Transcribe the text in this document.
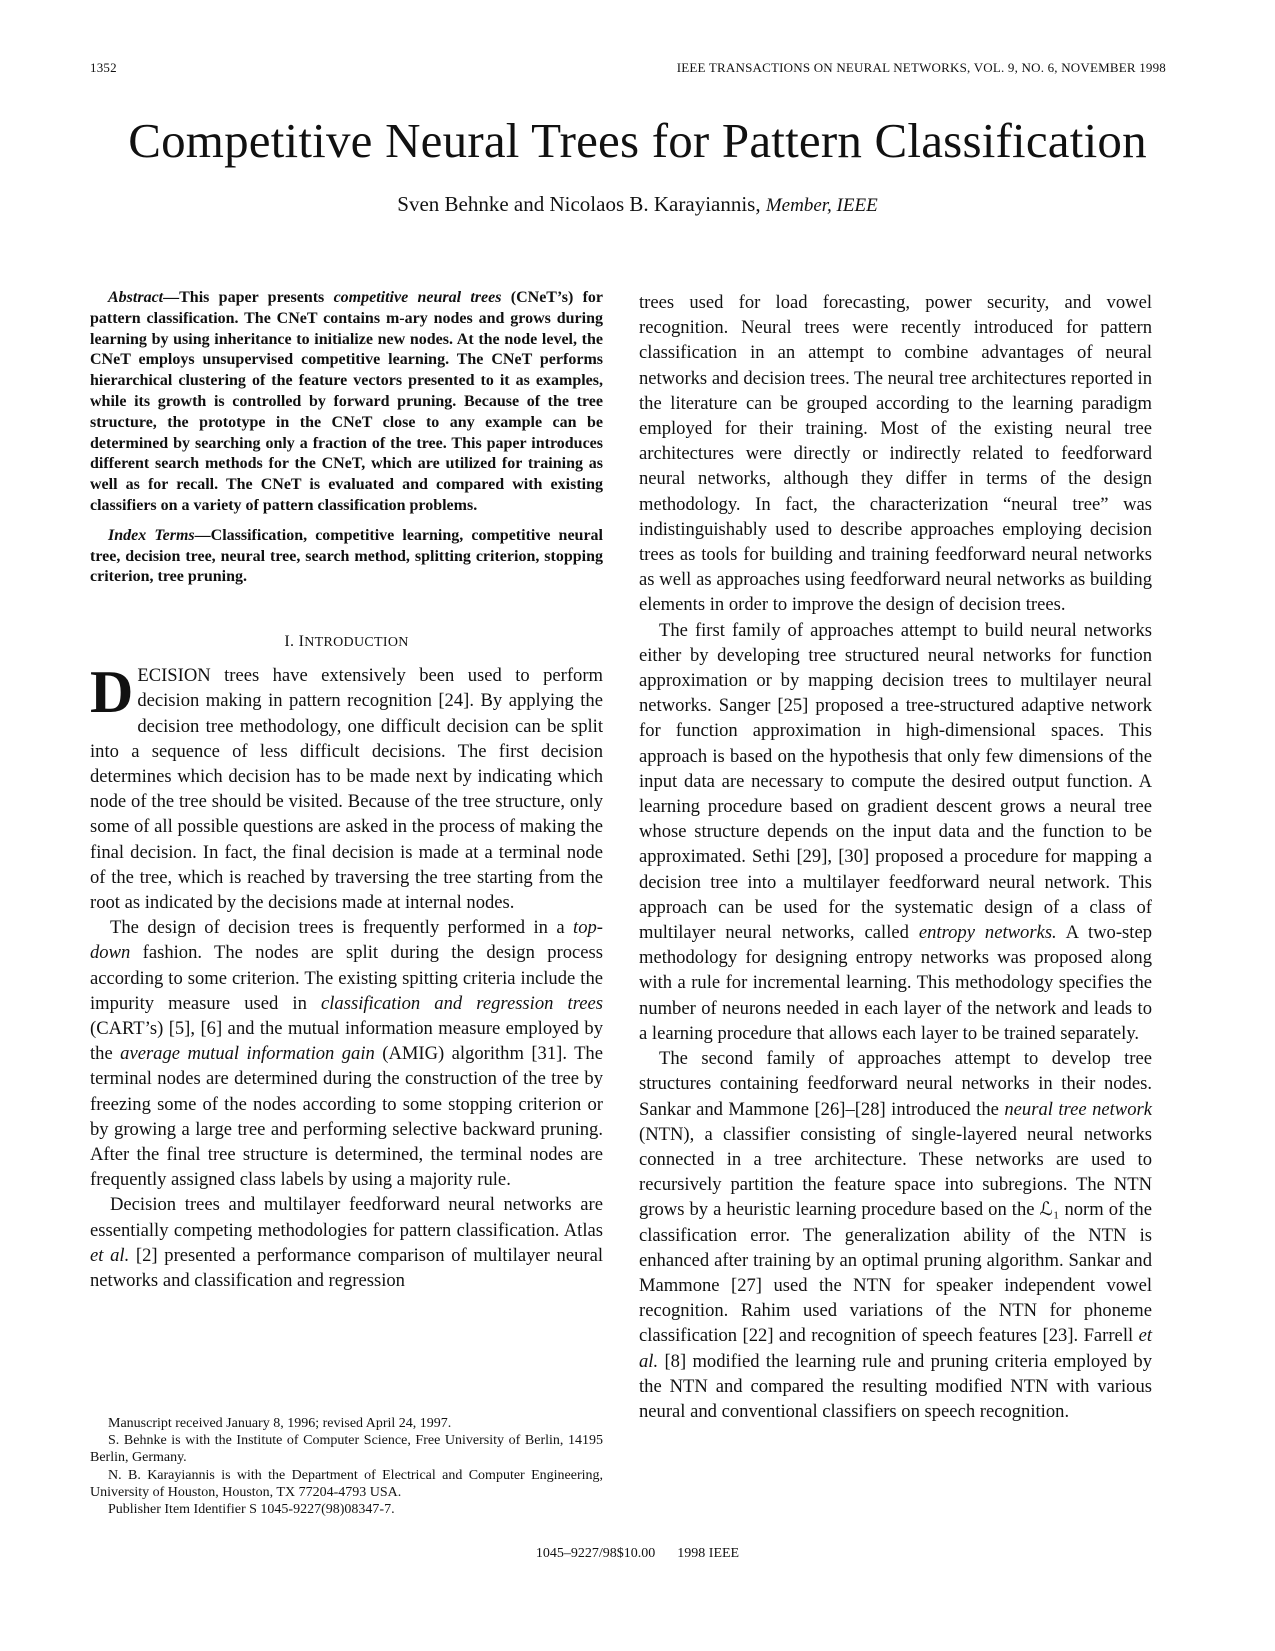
1352	IEEE TRANSACTIONS ON NEURAL NETWORKS, VOL. 9, NO. 6, NOVEMBER 1998
Competitive Neural Trees for Pattern Classification
Sven Behnke and Nicolaos B. Karayiannis, Member, IEEE

Abstract—This paper presents competitive neural trees (CNeT’s) for pattern classification. The CNeT contains m-ary nodes and grows during learning by using inheritance to initialize new nodes. At the node level, the CNeT employs unsupervised competitive learning. The CNeT performs hierarchical clustering of the feature vectors presented to it as examples, while its growth is controlled by forward pruning. Because of the tree structure, the prototype in the CNeT close to any example can be determined by searching only a fraction of the tree. This paper introduces different search methods for the CNeT, which are utilized for training as well as for recall. The CNeT is evaluated and compared with existing classifiers on a variety of pattern classification problems.

Index Terms—Classification, competitive learning, competitive neural tree, decision tree, neural tree, search method, splitting criterion, stopping criterion, tree pruning.

I. INTRODUCTION

DECISION trees have extensively been used to perform decision making in pattern recognition [24]. By applying the decision tree methodology, one difficult decision can be split into a sequence of less difficult decisions. The first decision determines which decision has to be made next by indicating which node of the tree should be visited. Because of the tree structure, only some of all possible questions are asked in the process of making the final decision. In fact, the final decision is made at a terminal node of the tree, which is reached by traversing the tree starting from the root as indicated by the decisions made at internal nodes.

The design of decision trees is frequently performed in a top-down fashion. The nodes are split during the design process according to some criterion. The existing spitting criteria include the impurity measure used in classification and regression trees (CART’s) [5], [6] and the mutual information measure employed by the average mutual information gain (AMIG) algorithm [31]. The terminal nodes are determined during the construction of the tree by freezing some of the nodes according to some stopping criterion or by growing a large tree and performing selective backward pruning. After the final tree structure is determined, the terminal nodes are frequently assigned class labels by using a majority rule.

Decision trees and multilayer feedforward neural networks are essentially competing methodologies for pattern classification. Atlas et al. [2] presented a performance comparison of multilayer neural networks and classification and regression

trees used for load forecasting, power security, and vowel recognition. Neural trees were recently introduced for pattern classification in an attempt to combine advantages of neural networks and decision trees. The neural tree architectures reported in the literature can be grouped according to the learning paradigm employed for their training. Most of the existing neural tree architectures were directly or indirectly related to feedforward neural networks, although they differ in terms of the design methodology. In fact, the characterization “neural tree” was indistinguishably used to describe approaches employing decision trees as tools for building and training feedforward neural networks as well as approaches using feedforward neural networks as building elements in order to improve the design of decision trees.

The first family of approaches attempt to build neural networks either by developing tree structured neural networks for function approximation or by mapping decision trees to multilayer neural networks. Sanger [25] proposed a tree-structured adaptive network for function approximation in high-dimensional spaces. This approach is based on the hypothesis that only few dimensions of the input data are necessary to compute the desired output function. A learning procedure based on gradient descent grows a neural tree whose structure depends on the input data and the function to be approximated. Sethi [29], [30] proposed a procedure for mapping a decision tree into a multilayer feedforward neural network. This approach can be used for the systematic design of a class of multilayer neural networks, called entropy networks. A two-step methodology for designing entropy networks was proposed along with a rule for incremental learning. This methodology specifies the number of neurons needed in each layer of the network and leads to a learning procedure that allows each layer to be trained separately.

The second family of approaches attempt to develop tree structures containing feedforward neural networks in their nodes. Sankar and Mammone [26]–[28] introduced the neural tree network (NTN), a classifier consisting of single-layered neural networks connected in a tree architecture. These networks are used to recursively partition the feature space into subregions. The NTN grows by a heuristic learning procedure based on the ℒ₁ norm of the classification error. The generalization ability of the NTN is enhanced after training by an optimal pruning algorithm. Sankar and Mammone [27] used the NTN for speaker independent vowel recognition. Rahim used variations of the NTN for phoneme classification [22] and recognition of speech features [23]. Farrell et al. [8] modified the learning rule and pruning criteria employed by the NTN and compared the resulting modified NTN with various neural and conventional classifiers on speech recognition.

Manuscript received January 8, 1996; revised April 24, 1997.

S. Behnke is with the Institute of Computer Science, Free University of Berlin, 14195 Berlin, Germany.

N. B. Karayiannis is with the Department of Electrical and Computer Engineering, University of Houston, Houston, TX 77204-4793 USA.

Publisher Item Identifier S 1045-9227(98)08347-7.

1045–9227/98$10.00 1998 IEEE
